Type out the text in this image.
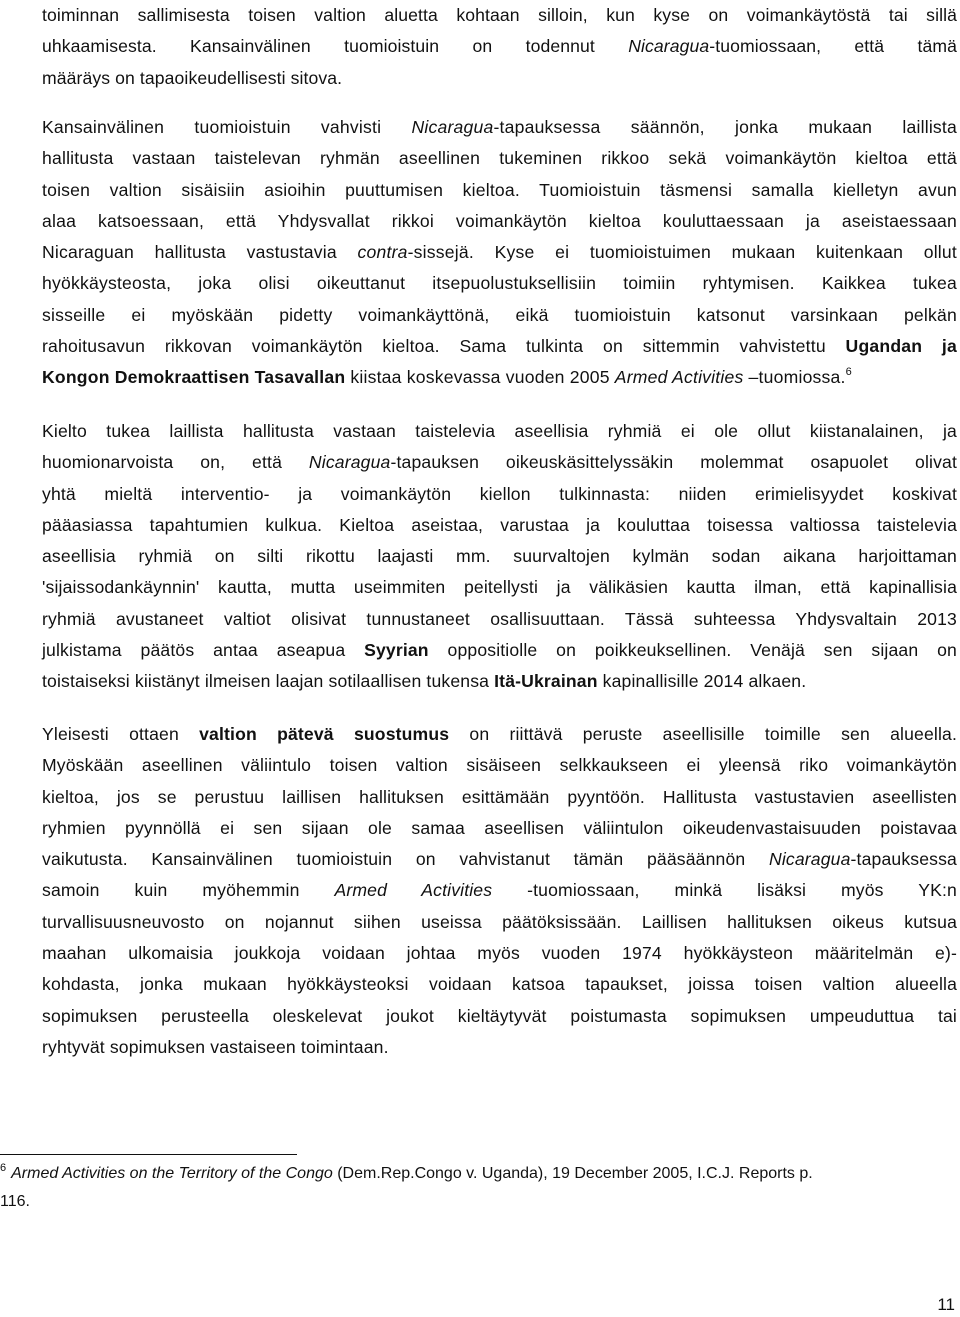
toiminnan sallimisesta toisen valtion aluetta kohtaan silloin, kun kyse on voimankäytöstä tai sillä
uhkaamisesta. Kansainvälinen tuomioistuin on todennut Nicaragua-tuomiossaan, että tämä
määräys on tapaoikeudellisesti sitova.
Kansainvälinen tuomioistuin vahvisti Nicaragua-tapauksessa säännön, jonka mukaan laillista
hallitusta vastaan taistelevan ryhmän aseellinen tukeminen rikkoo sekä voimankäytön kieltoa että
toisen valtion sisäisiin asioihin puuttumisen kieltoa. Tuomioistuin täsmensi samalla kielletyn avun
alaa katsoessaan, että Yhdysvallat rikkoi voimankäytön kieltoa kouluttaessaan ja aseistaessaan
Nicaraguan hallitusta vastustavia contra-sissejä. Kyse ei tuomioistuimen mukaan kuitenkaan ollut
hyökkäysteosta, joka olisi oikeuttanut itsepuolustuksellisiin toimiin ryhtymisen. Kaikkea tukea
sisseille ei myöskään pidetty voimankäyttönä, eikä tuomioistuin katsonut varsinkaan pelkän
rahoitusavun rikkovan voimankäytön kieltoa. Sama tulkinta on sittemmin vahvistettu Ugandan ja
Kongon Demokraattisen Tasavallan kiistaa koskevassa vuoden 2005 Armed Activities –tuomiossa.$^6$
Kielto tukea laillista hallitusta vastaan taistelevia aseellisia ryhmiä ei ole ollut kiistanalainen, ja
huomionarvoista on, että Nicaragua-tapauksen oikeuskäsittelyssäkin molemmat osapuolet olivat
yhtä mieltä interventio- ja voimankäytön kiellon tulkinnasta: niiden erimielisyydet koskivat
pääasiassa tapahtumien kulkua. Kieltoa aseistaa, varustaa ja kouluttaa toisessa valtiossa taistelevia
aseellisia ryhmiä on silti rikottu laajasti mm. suurvaltojen kylmän sodan aikana harjoittaman
'sijaissodankäynnin' kautta, mutta useimmiten peitellysti ja välikäsien kautta ilman, että kapinallisia
ryhmiä avustaneet valtiot olisivat tunnustaneet osallisuuttaan. Tässä suhteessa Yhdysvaltain 2013
julkistama päätös antaa aseapua Syyrian oppositiolle on poikkeuksellinen. Venäjä sen sijaan on
toistaiseksi kiistänyt ilmeisen laajan sotilaallisen tukensa Itä-Ukrainan kapinallisille 2014 alkaen.
Yleisesti ottaen valtion pätevä suostumus on riittävä peruste aseellisille toimille sen alueella.
Myöskään aseellinen väliintulo toisen valtion sisäiseen selkkaukseen ei yleensä riko voimankäytön
kieltoa, jos se perustuu laillisen hallituksen esittämään pyyntöön. Hallitusta vastustavien aseellisten
ryhmien pyynnöllä ei sen sijaan ole samaa aseellisen väliintulon oikeudenvastaisuuden poistavaa
vaikutusta. Kansainvälinen tuomioistuin on vahvistanut tämän pääsäännön Nicaragua-tapauksessa
samoin kuin myöhemmin Armed Activities -tuomiossaan, minkä lisäksi myös YK:n
turvallisuusneuvosto on nojannut siihen useissa päätöksissään. Laillisen hallituksen oikeus kutsua
maahan ulkomaisia joukkoja voidaan johtaa myös vuoden 1974 hyökkäysteon määritelmän e)-
kohdasta, jonka mukaan hyökkäysteoksi voidaan katsoa tapaukset, joissa toisen valtion alueella
sopimuksen perusteella oleskelevat joukot kieltäytyvät poistumasta sopimuksen umpeuduttua tai
ryhtyvät sopimuksen vastaiseen toimintaan.

$^6$ Armed Activities on the Territory of the Congo (Dem.Rep.Congo v. Uganda), 19 December 2005, I.C.J. Reports p.
116.

11
